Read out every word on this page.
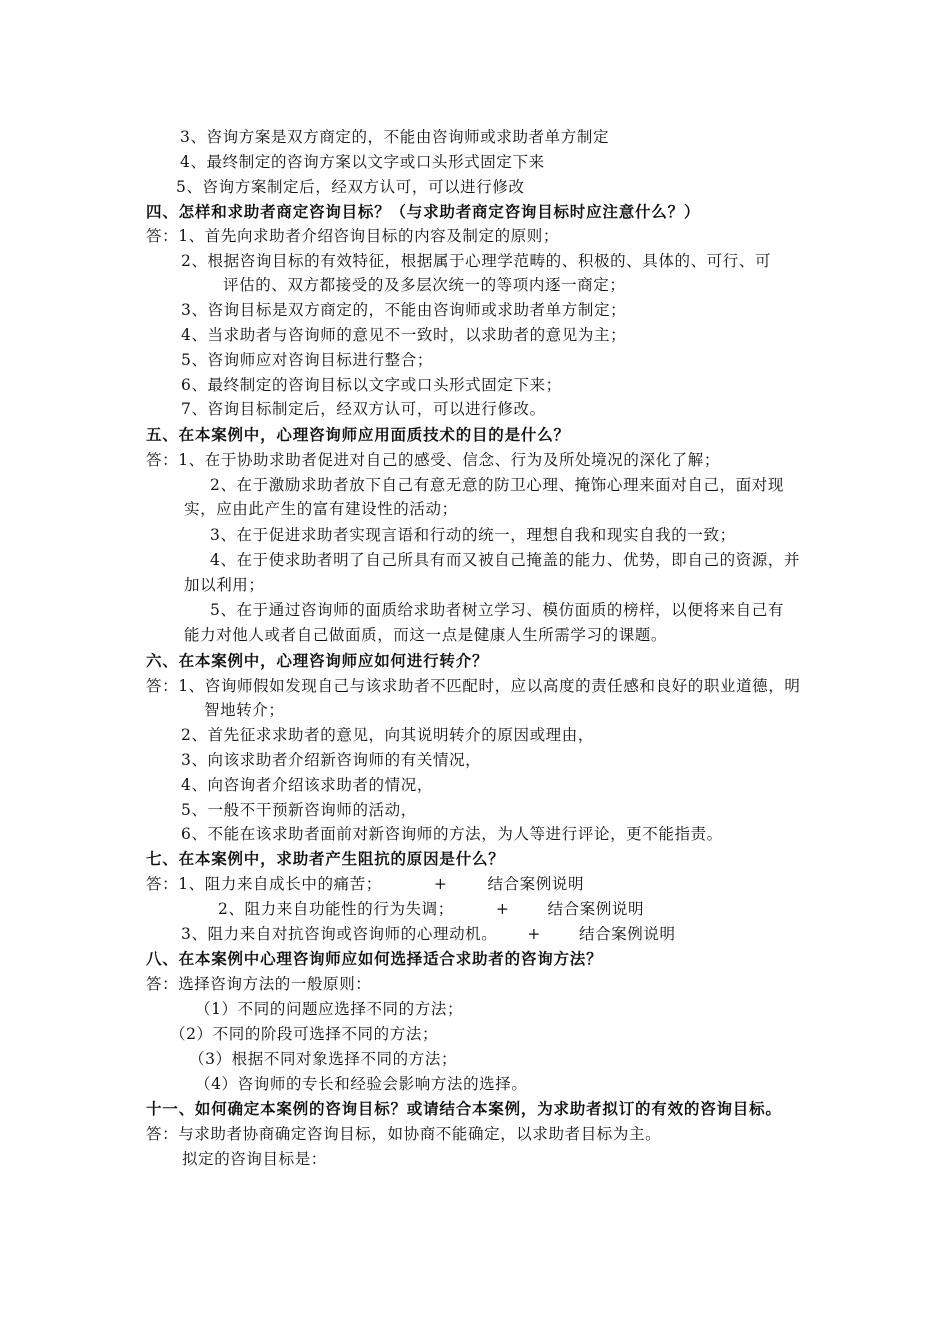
3、咨询方案是双方商定的，不能由咨询师或求助者单方制定
4、最终制定的咨询方案以文字或口头形式固定下来
5、咨询方案制定后，经双方认可，可以进行修改
四、怎样和求助者商定咨询目标？（与求助者商定咨询目标时应注意什么？）
答：1、首先向求助者介绍咨询目标的内容及制定的原则；
2、根据咨询目标的有效特征，根据属于心理学范畴的、积极的、具体的、可行、可
评估的、双方都接受的及多层次统一的等项内逐一商定；
3、咨询目标是双方商定的，不能由咨询师或求助者单方制定；
4、当求助者与咨询师的意见不一致时，以求助者的意见为主；
5、咨询师应对咨询目标进行整合；
6、最终制定的咨询目标以文字或口头形式固定下来；
7、咨询目标制定后，经双方认可，可以进行修改。
五、在本案例中，心理咨询师应用面质技术的目的是什么？
答：1、在于协助求助者促进对自己的感受、信念、行为及所处境况的深化了解；
2、在于激励求助者放下自己有意无意的防卫心理、掩饰心理来面对自己，面对现
实，应由此产生的富有建设性的活动；
3、在于促进求助者实现言语和行动的统一，理想自我和现实自我的一致；
4、在于使求助者明了自己所具有而又被自己掩盖的能力、优势，即自己的资源，并
加以利用；
5、在于通过咨询师的面质给求助者树立学习、模仿面质的榜样，以便将来自己有
能力对他人或者自己做面质，而这一点是健康人生所需学习的课题。
六、在本案例中，心理咨询师应如何进行转介？
答：1、咨询师假如发现自己与该求助者不匹配时，应以高度的责任感和良好的职业道德，明
智地转介；
2、首先征求求助者的意见，向其说明转介的原因或理由，
3、向该求助者介绍新咨询师的有关情况，
4、向咨询者介绍该求助者的情况，
5、一般不干预新咨询师的活动，
6、不能在该求助者面前对新咨询师的方法，为人等进行评论，更不能指责。
七、在本案例中，求助者产生阻抗的原因是什么？
答：1、阻力来自成长中的痛苦；	+	结合案例说明
2、阻力来自功能性的行为失调；	+ 结合案例说明
3、阻力来自对抗咨询或咨询师的心理动机。 + 结合案例说明
八、在本案例中心理咨询师应如何选择适合求助者的咨询方法？
答：选择咨询方法的一般原则：
（1）不同的问题应选择不同的方法；
（2）不同的阶段可选择不同的方法；
（3）根据不同对象选择不同的方法；
（4）咨询师的专长和经验会影响方法的选择。
十一、如何确定本案例的咨询目标？或请结合本案例，为求助者拟订的有效的咨询目标。
答：与求助者协商确定咨询目标，如协商不能确定，以求助者目标为主。
拟定的咨询目标是：
